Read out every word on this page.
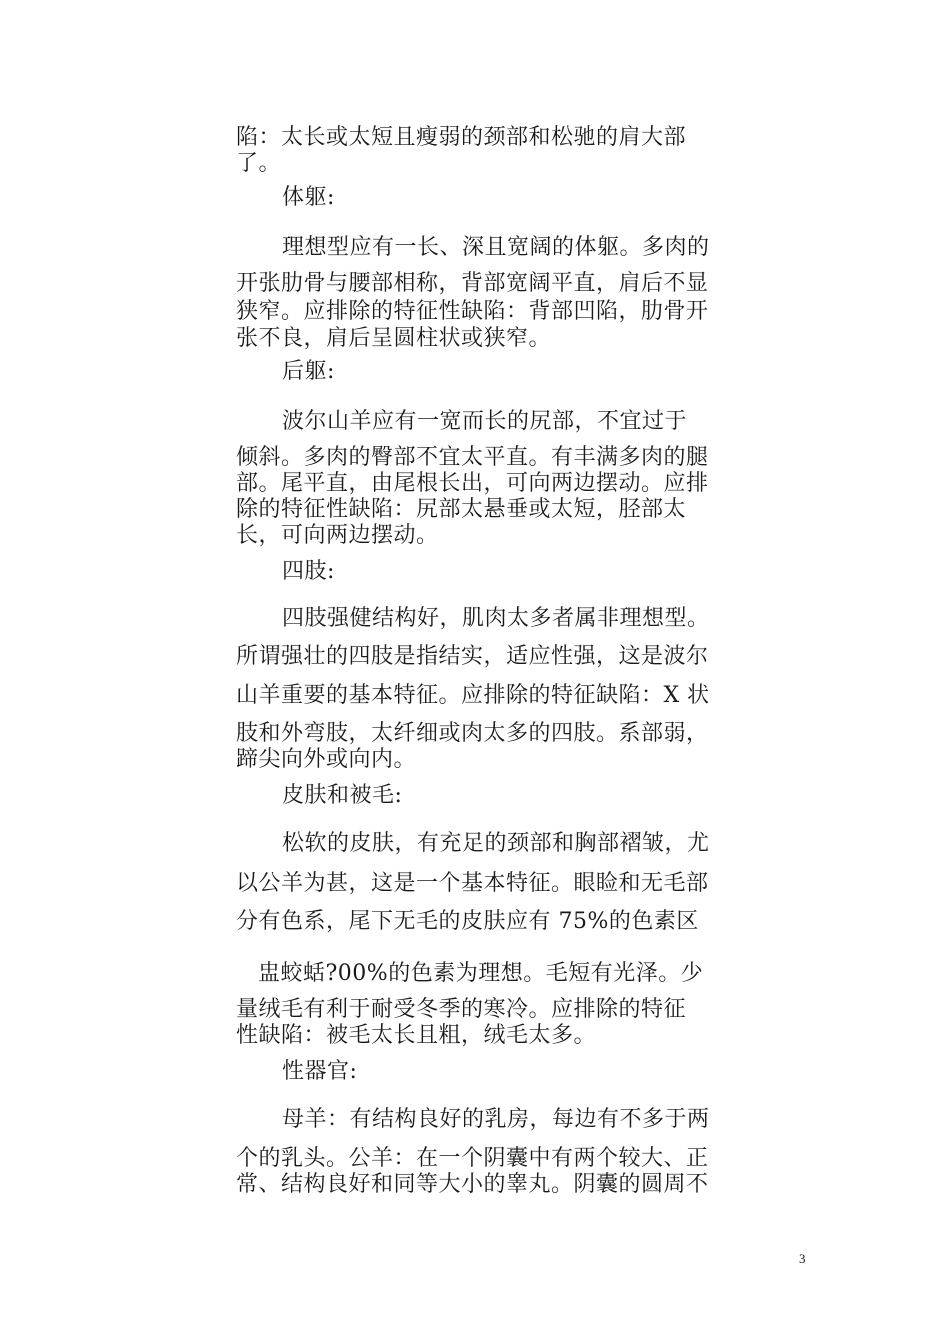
陷：太长或太短且瘦弱的颈部和松驰的肩大部
了。
体躯:
理想型应有一长、深且宽阔的体躯。多肉的
开张肋骨与腰部相称，背部宽阔平直，肩后不显
狭窄。应排除的特征性缺陷：背部凹陷，肋骨开
张不良，肩后呈圆柱状或狭窄。
后躯:
波尔山羊应有一宽而长的尻部，不宜过于
倾斜。多肉的臀部不宜太平直。有丰满多肉的腿
部。尾平直，由尾根长出，可向两边摆动。应排
除的特征性缺陷：尻部太悬垂或太短，胫部太
长，可向两边摆动。
四肢:
四肢强健结构好，肌肉太多者属非理想型。
所谓强壮的四肢是指结实，适应性强，这是波尔
山羊重要的基本特征。应排除的特征缺陷：X 状
肢和外弯肢，太纤细或肉太多的四肢。系部弱，
蹄尖向外或向内。
皮肤和被毛:
松软的皮肤，有充足的颈部和胸部褶皱，尤
以公羊为甚，这是一个基本特征。眼睑和无毛部
分有色系，尾下无毛的皮肤应有 75%的色素区
盅蛟蛞?00%的色素为理想。毛短有光泽。少
量绒毛有利于耐受冬季的寒冷。应排除的特征
性缺陷：被毛太长且粗，绒毛太多。
性器官:
母羊：有结构良好的乳房，每边有不多于两
个的乳头。公羊：在一个阴囊中有两个较大、正
常、结构良好和同等大小的睾丸。阴囊的圆周不
3
